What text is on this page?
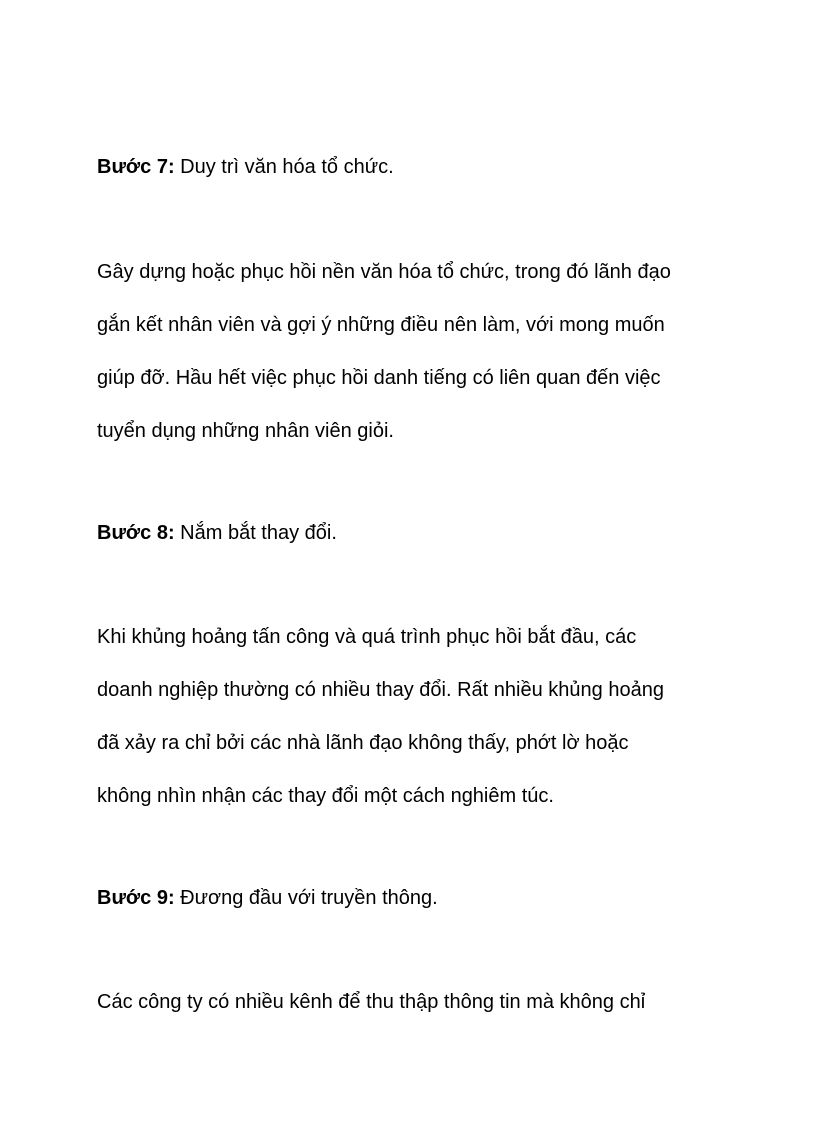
Bước 7: Duy trì văn hóa tổ chức.
Gây dựng hoặc phục hồi nền văn hóa tổ chức, trong đó lãnh đạo
gắn kết nhân viên và gợi ý những điều nên làm, với mong muốn
giúp đỡ. Hầu hết việc phục hồi danh tiếng có liên quan đến việc
tuyển dụng những nhân viên giỏi.
Bước 8: Nắm bắt thay đổi.
Khi khủng hoảng tấn công và quá trình phục hồi bắt đầu, các
doanh nghiệp thường có nhiều thay đổi. Rất nhiều khủng hoảng
đã xảy ra chỉ bởi các nhà lãnh đạo không thấy, phớt lờ hoặc
không nhìn nhận các thay đổi một cách nghiêm túc.
Bước 9: Đương đầu với truyền thông.
Các công ty có nhiều kênh để thu thập thông tin mà không chỉ
